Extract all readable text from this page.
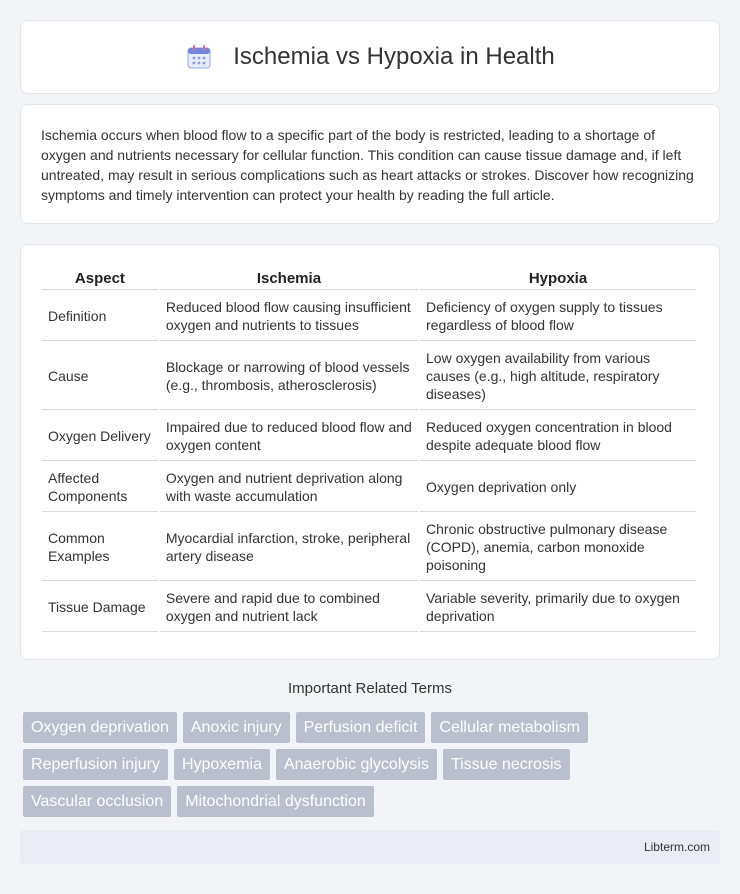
Ischemia vs Hypoxia in Health

Ischemia occurs when blood flow to a specific part of the body is restricted, leading to a shortage of oxygen and nutrients necessary for cellular function. This condition can cause tissue damage and, if left untreated, may result in serious complications such as heart attacks or strokes. Discover how recognizing symptoms and timely intervention can protect your health by reading the full article.

Aspect	Ischemia	Hypoxia
Definition	Reduced blood flow causing insufficient oxygen and nutrients to tissues	Deficiency of oxygen supply to tissues regardless of blood flow
Cause	Blockage or narrowing of blood vessels (e.g., thrombosis, atherosclerosis)	Low oxygen availability from various causes (e.g., high altitude, respiratory diseases)
Oxygen Delivery	Impaired due to reduced blood flow and oxygen content	Reduced oxygen concentration in blood despite adequate blood flow
Affected Components	Oxygen and nutrient deprivation along with waste accumulation	Oxygen deprivation only
Common Examples	Myocardial infarction, stroke, peripheral artery disease	Chronic obstructive pulmonary disease (COPD), anemia, carbon monoxide poisoning
Tissue Damage	Severe and rapid due to combined oxygen and nutrient lack	Variable severity, primarily due to oxygen deprivation
Important Related Terms
Oxygen deprivation	Anoxic injury	Perfusion deficit	Cellular metabolism
Reperfusion injury	Hypoxemia	Anaerobic glycolysis	Tissue necrosis
Vascular occlusion	Mitochondrial dysfunction
Libterm.com
